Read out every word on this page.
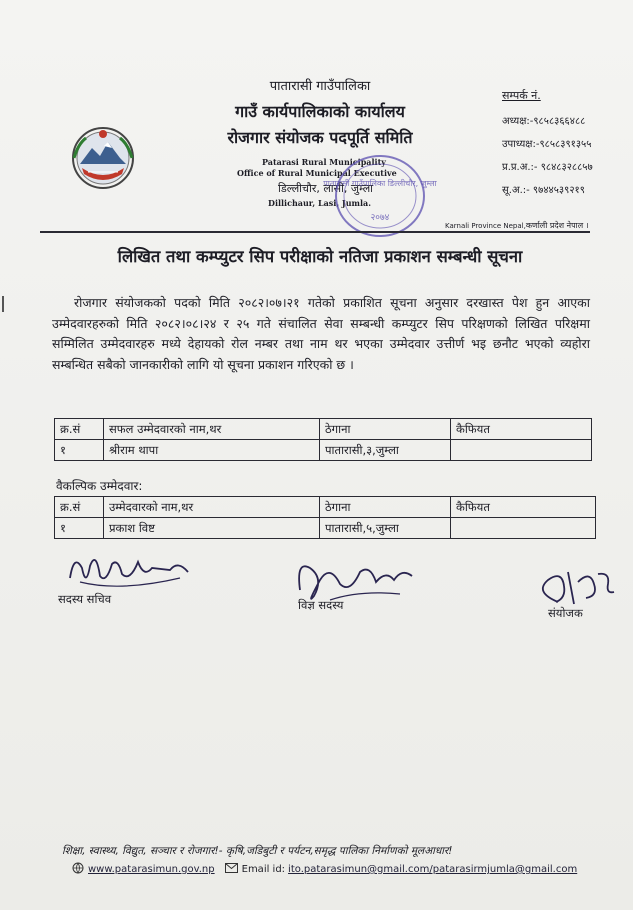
पातारासी गाउँपालिका
गाउँ कार्यपालिकाको कार्यालय
रोजगार संयोजक पदपूर्ति समिति
Patarasi Rural Municipality
Office of Rural Municipal Executive
डिल्लीचौर, लासी, जुम्ला
Dillichaur, Lasi, Jumla.
पातारासी गाउँपालिका डिल्लीचौर, जुम्ला
२०७४
सम्पर्क नं.
अध्यक्ष:-९८५८३६६४८८
उपाध्यक्ष:-९८५८३९१३५५
प्र.प्र.अ.:- ९८४८३२८८५७
सू.अ.:- ९७४४५३९२१९
Karnali Province Nepal,कर्णाली प्रदेश नेपाल ।
लिखित तथा कम्प्युटर सिप परीक्षाको नतिजा प्रकाशन सम्बन्धी सूचना
रोजगार संयोजकको पदको मिति २०८२।०७।२१ गतेको प्रकाशित सूचना अनुसार दरखास्त पेश हुन आएका उम्मेदवारहरुको मिति २०८२।०८।२४ र २५ गते संचालित सेवा सम्बन्धी कम्प्युटर सिप परिक्षणको लिखित परिक्षमा सम्मिलित उम्मेदवारहरु मध्ये देहायको रोल नम्बर तथा नाम थर भएका उम्मेदवार उत्तीर्ण भइ छनौट भएको व्यहोरा सम्बन्धित सबैको जानकारीको लागि यो सूचना प्रकाशन गरिएको छ ।
क्र.सं	सफल उम्मेदवारको नाम,थर	ठेगाना	कैफियत
१	श्रीराम थापा	पातारासी,३,जुम्ला	
वैकल्पिक उम्मेदवार:
क्र.सं	उम्मेदवारको नाम,थर	ठेगाना	कैफियत
१	प्रकाश विष्ट	पातारासी,५,जुम्ला	
सदस्य सचिव	विज्ञ सदस्य
संयोजक
शिक्षा, स्वास्थ्य, विद्युत, सञ्चार र रोजगार!- कृषि,जडिबुटी र पर्यटन,समृद्ध पालिका निर्माणको मूलआधार!
www.patarasimun.gov.np	Email id: ito.patarasimun@gmail.com/patarasirmjumla@gmail.com
